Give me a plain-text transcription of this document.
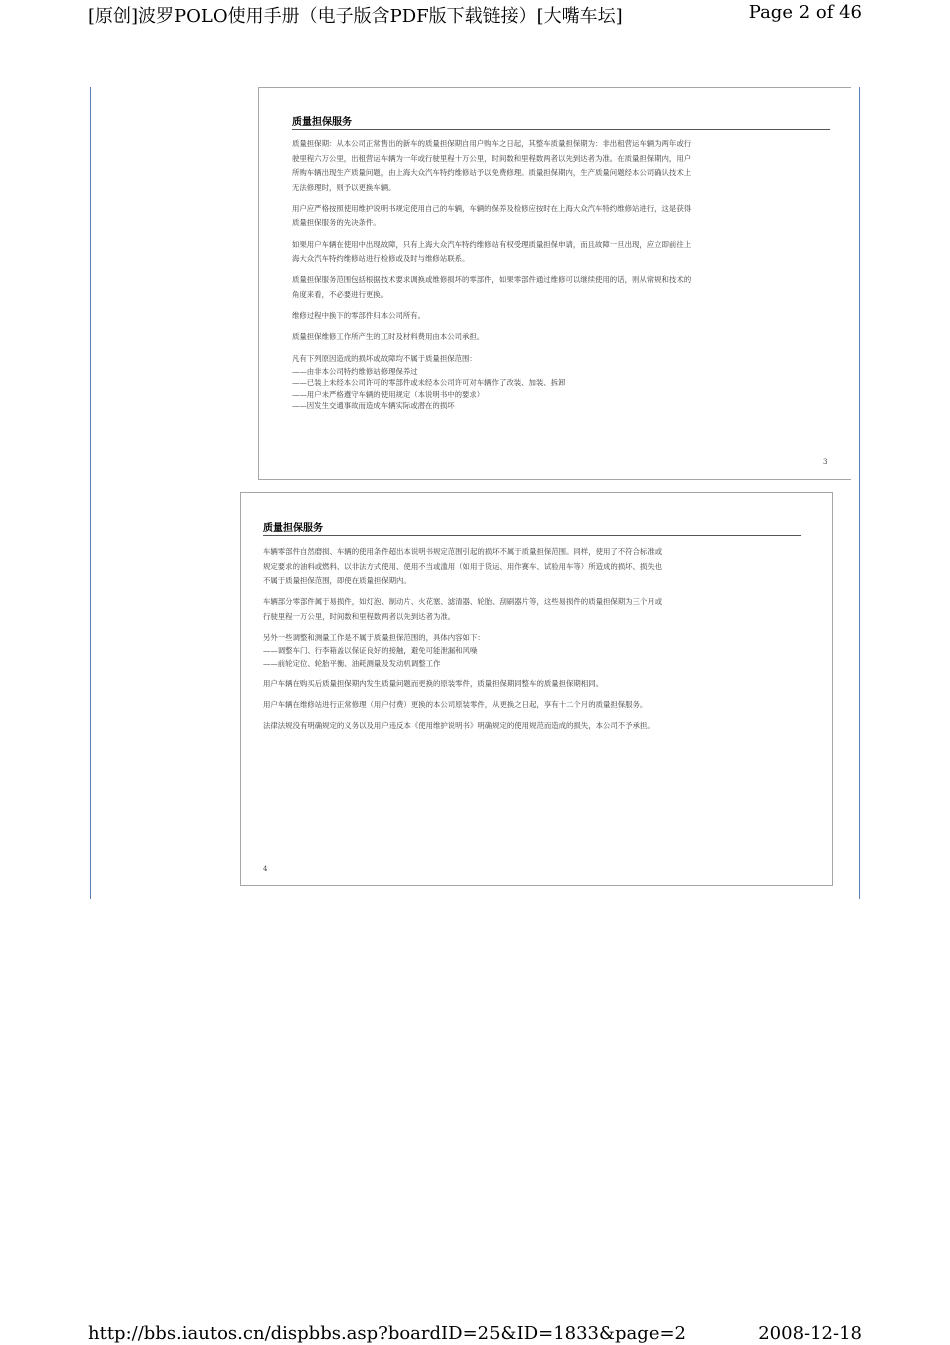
[原创]波罗POLO使用手册（电子版含PDF版下载链接）[大嘴车坛]	Page 2 of 46
质量担保服务

质量担保期：从本公司正常售出的新车的质量担保期自用户购车之日起，其整车质量担保期为：非出租营运车辆为两年或行
驶里程六万公里，出租营运车辆为一年或行驶里程十万公里，时间数和里程数两者以先到达者为准。在质量担保期内，用户
所购车辆出现生产质量问题，由上海大众汽车特约维修站予以免费修理。质量担保期内，生产质量问题经本公司确认技术上
无法修理时，则予以更换车辆。

用户应严格按照使用维护说明书规定使用自己的车辆，车辆的保养及检修应按时在上海大众汽车特约维修站进行，这是获得
质量担保服务的先决条件。

如果用户车辆在使用中出现故障，只有上海大众汽车特约维修站有权受理质量担保申请，而且故障一旦出现，应立即前往上
海大众汽车特约维修站进行检修或及时与维修站联系。

质量担保服务范围包括根据技术要求调换或维修损坏的零部件，如果零部件通过维修可以继续使用的话，则从常规和技术的
角度来看，不必要进行更换。

维修过程中换下的零部件归本公司所有。

质量担保维修工作所产生的工时及材料费用由本公司承担。

凡有下列原因造成的损坏或故障均不属于质量担保范围：
——由非本公司特约维修站修理保养过
——已装上未经本公司许可的零部件或未经本公司许可对车辆作了改装、加装、拆卸
——用户未严格遵守车辆的使用规定（本说明书中的要求）
——因发生交通事故而造成车辆实际或潜在的损坏

3
质量担保服务

车辆零部件自然磨损、车辆的使用条件超出本说明书规定范围引起的损坏不属于质量担保范围。同样，使用了不符合标准或
规定要求的油料或燃料、以非法方式使用、使用不当或滥用（如用于货运、用作赛车、试验用车等）所造成的损坏、损失也
不属于质量担保范围，即使在质量担保期内。

车辆部分零部件属于易损件，如灯泡、制动片、火花塞、滤清器、轮胎、刮刷器片等，这些易损件的质量担保期为三个月或
行驶里程一万公里，时间数和里程数两者以先到达者为准。

另外一些调整和测量工作是不属于质量担保范围的，具体内容如下：
——调整车门、行李箱盖以保证良好的接触，避免可能泄漏和风噪
——前轮定位、轮胎平衡、油耗测量及发动机调整工作

用户车辆在购买后质量担保期内发生质量问题而更换的原装零件，质量担保期同整车的质量担保期相同。

用户车辆在维修站进行正常修理（用户付费）更换的本公司原装零件，从更换之日起，享有十二个月的质量担保服务。

法律法规没有明确规定的义务以及用户违反本《使用维护说明书》明确规定的使用规范而造成的损失，本公司不予承担。

4
http://bbs.iautos.cn/dispbbs.asp?boardID=25&ID=1833&page=2	2008-12-18
